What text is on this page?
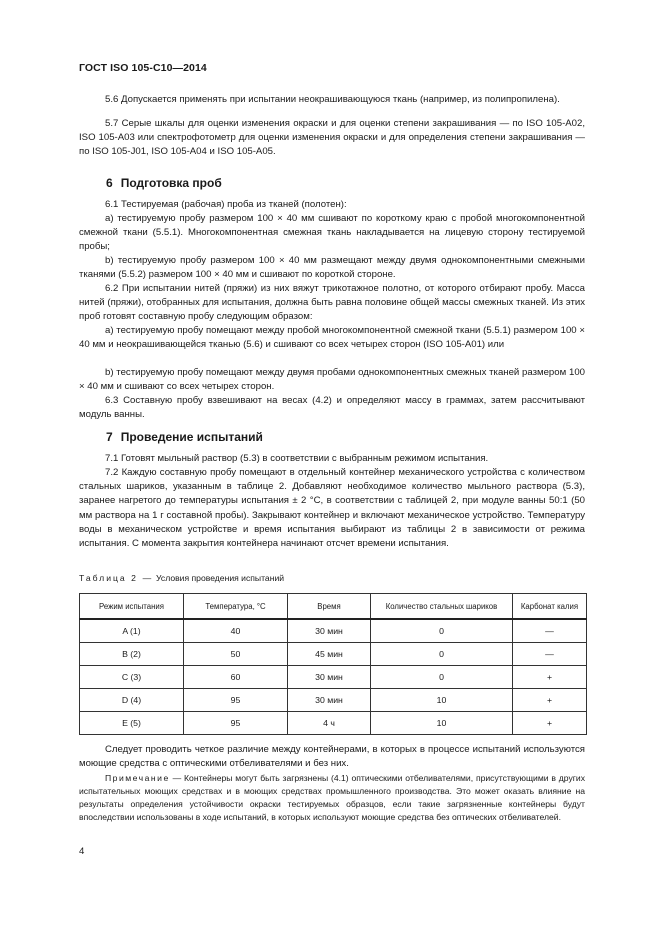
ГОСТ ISO 105-C10—2014

5.6 Допускается применять при испытании неокрашивающуюся ткань (например, из полипропилена).

5.7 Серые шкалы для оценки изменения окраски и для оценки степени закрашивания — по ISO 105-A02, ISO 105-A03 или спектрофотометр для оценки изменения окраски и для определения степени закрашивания — по ISO 105-J01, ISO 105-A04 и ISO 105-A05.

6 Подготовка проб

6.1 Тестируемая (рабочая) проба из тканей (полотен):

a) тестируемую пробу размером 100 × 40 мм сшивают по короткому краю с пробой многокомпонентной смежной ткани (5.5.1). Многокомпонентная смежная ткань накладывается на лицевую сторону тестируемой пробы;

b) тестируемую пробу размером 100 × 40 мм размещают между двумя однокомпонентными смежными тканями (5.5.2) размером 100 × 40 мм и сшивают по короткой стороне.

6.2 При испытании нитей (пряжи) из них вяжут трикотажное полотно, от которого отбирают пробу. Масса нитей (пряжи), отобранных для испытания, должна быть равна половине общей массы смежных тканей. Из этих проб готовят составную пробу следующим образом:

a) тестируемую пробу помещают между пробой многокомпонентной смежной ткани (5.5.1) размером 100 × 40 мм и неокрашивающейся тканью (5.6) и сшивают со всех четырех сторон (ISO 105-A01) или

b) тестируемую пробу помещают между двумя пробами однокомпонентных смежных тканей размером 100 × 40 мм и сшивают со всех четырех сторон.

6.3 Составную пробу взвешивают на весах (4.2) и определяют массу в граммах, затем рассчитывают модуль ванны.

7 Проведение испытаний

7.1 Готовят мыльный раствор (5.3) в соответствии с выбранным режимом испытания.

7.2 Каждую составную пробу помещают в отдельный контейнер механического устройства с количеством стальных шариков, указанным в таблице 2. Добавляют необходимое количество мыльного раствора (5.3), заранее нагретого до температуры испытания ± 2 °С, в соответствии с таблицей 2, при модуле ванны 50:1 (50 мм раствора на 1 г составной пробы). Закрывают контейнер и включают механическое устройство. Температуру воды в механическом устройстве и время испытания выбирают из таблицы 2 в зависимости от режима испытания. С момента закрытия контейнера начинают отсчет времени испытания.

Таблица 2 — Условия проведения испытаний
Режим испытания	Температура, °С	Время	Количество стальных шариков	Карбонат калия
A (1)	40	30 мин	0	—
B (2)	50	45 мин	0	—
C (3)	60	30 мин	0	+
D (4)	95	30 мин	10	+
E (5)	95	4 ч	10	+

Следует проводить четкое различие между контейнерами, в которых в процессе испытаний используются моющие средства с оптическими отбеливателями и без них.

Примечание — Контейнеры могут быть загрязнены (4.1) оптическими отбеливателями, присутствующими в других испытательных моющих средствах и в моющих средствах промышленного производства. Это может оказать влияние на результаты определения устойчивости окраски тестируемых образцов, если такие загрязненные контейнеры будут впоследствии использованы в ходе испытаний, в которых используют моющие средства без оптических отбеливателей.

4
